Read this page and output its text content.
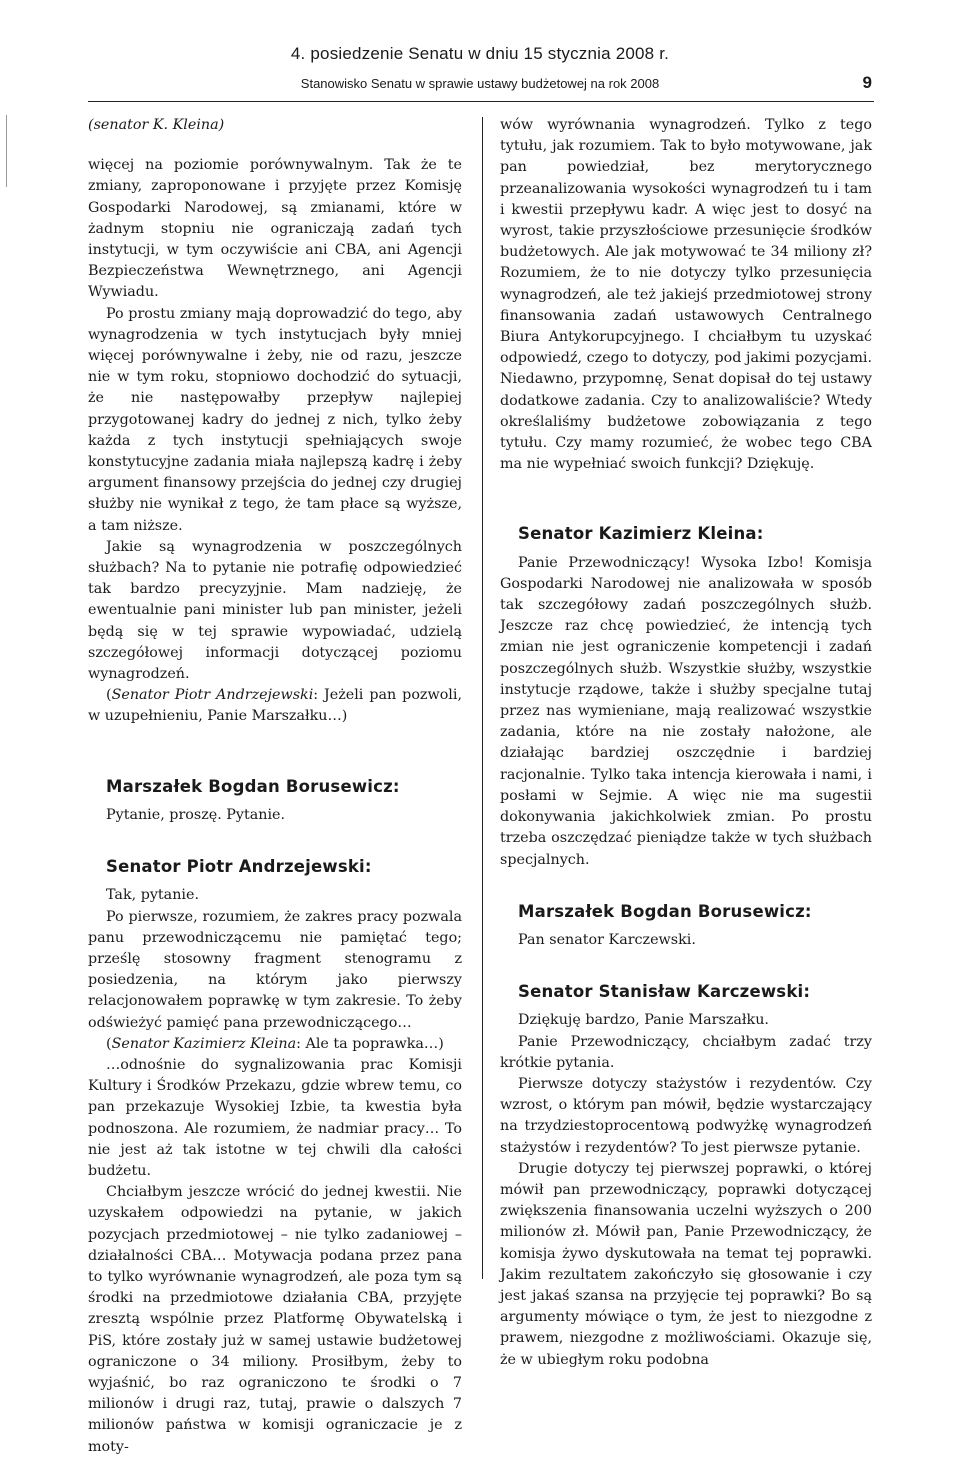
4. posiedzenie Senatu w dniu 15 stycznia 2008 r.
Stanowisko Senatu w sprawie ustawy budżetowej na rok 2008	9

(senator K. Kleina)

więcej na poziomie porównywalnym. Tak że te zmiany, zaproponowane i przyjęte przez Komisję Gospodarki Narodowej, są zmianami, które w żadnym stopniu nie ograniczają zadań tych instytucji, w tym oczywiście ani CBA, ani Agencji Bezpieczeństwa Wewnętrznego, ani Agencji Wywiadu.

Po prostu zmiany mają doprowadzić do tego, aby wynagrodzenia w tych instytucjach były mniej więcej porównywalne i żeby, nie od razu, jeszcze nie w tym roku, stopniowo dochodzić do sytuacji, że nie następowałby przepływ najlepiej przygotowanej kadry do jednej z nich, tylko żeby każda z tych instytucji spełniających swoje konstytucyjne zadania miała najlepszą kadrę i żeby argument finansowy przejścia do jednej czy drugiej służby nie wynikał z tego, że tam płace są wyższe, a tam niższe.

Jakie są wynagrodzenia w poszczególnych służbach? Na to pytanie nie potrafię odpowiedzieć tak bardzo precyzyjnie. Mam nadzieję, że ewentualnie pani minister lub pan minister, jeżeli będą się w tej sprawie wypowiadać, udzielą szczegółowej informacji dotyczącej poziomu wynagrodzeń.

(Senator Piotr Andrzejewski: Jeżeli pan pozwoli, w uzupełnieniu, Panie Marszałku…)

Marszałek Bogdan Borusewicz:

Pytanie, proszę. Pytanie.

Senator Piotr Andrzejewski:

Tak, pytanie.

Po pierwsze, rozumiem, że zakres pracy pozwala panu przewodniczącemu nie pamiętać tego; prześlę stosowny fragment stenogramu z posiedzenia, na którym jako pierwszy relacjonowałem poprawkę w tym zakresie. To żeby odświeżyć pamięć pana przewodniczącego…

(Senator Kazimierz Kleina: Ale ta poprawka…)

…odnośnie do sygnalizowania prac Komisji Kultury i Środków Przekazu, gdzie wbrew temu, co pan przekazuje Wysokiej Izbie, ta kwestia była podnoszona. Ale rozumiem, że nadmiar pracy… To nie jest aż tak istotne w tej chwili dla całości budżetu.

Chciałbym jeszcze wrócić do jednej kwestii. Nie uzyskałem odpowiedzi na pytanie, w jakich pozycjach przedmiotowej – nie tylko zadaniowej – działalności CBA… Motywacja podana przez pana to tylko wyrównanie wynagrodzeń, ale poza tym są środki na przedmiotowe działania CBA, przyjęte zresztą wspólnie przez Platformę Obywatelską i PiS, które zostały już w samej ustawie budżetowej ograniczone o 34 miliony. Prosiłbym, żeby to wyjaśnić, bo raz ograniczono te środki o 7 milionów i drugi raz, tutaj, prawie o dalszych 7 milionów państwa w komisji ograniczacie je z moty-

wów wyrównania wynagrodzeń. Tylko z tego tytułu, jak rozumiem. Tak to było motywowane, jak pan powiedział, bez merytorycznego przeanalizowania wysokości wynagrodzeń tu i tam i kwestii przepływu kadr. A więc jest to dosyć na wyrost, takie przyszłościowe przesunięcie środków budżetowych. Ale jak motywować te 34 miliony zł? Rozumiem, że to nie dotyczy tylko przesunięcia wynagrodzeń, ale też jakiejś przedmiotowej strony finansowania zadań ustawowych Centralnego Biura Antykorupcyjnego. I chciałbym tu uzyskać odpowiedź, czego to dotyczy, pod jakimi pozycjami. Niedawno, przypomnę, Senat dopisał do tej ustawy dodatkowe zadania. Czy to analizowaliście? Wtedy określaliśmy budżetowe zobowiązania z tego tytułu. Czy mamy rozumieć, że wobec tego CBA ma nie wypełniać swoich funkcji? Dziękuję.

Senator Kazimierz Kleina:

Panie Przewodniczący! Wysoka Izbo! Komisja Gospodarki Narodowej nie analizowała w sposób tak szczegółowy zadań poszczególnych służb. Jeszcze raz chcę powiedzieć, że intencją tych zmian nie jest ograniczenie kompetencji i zadań poszczególnych służb. Wszystkie służby, wszystkie instytucje rządowe, także i służby specjalne tutaj przez nas wymieniane, mają realizować wszystkie zadania, które na nie zostały nałożone, ale działając bardziej oszczędnie i bardziej racjonalnie. Tylko taka intencja kierowała i nami, i posłami w Sejmie. A więc nie ma sugestii dokonywania jakichkolwiek zmian. Po prostu trzeba oszczędzać pieniądze także w tych służbach specjalnych.

Marszałek Bogdan Borusewicz:

Pan senator Karczewski.

Senator Stanisław Karczewski:

Dziękuję bardzo, Panie Marszałku.

Panie Przewodniczący, chciałbym zadać trzy krótkie pytania.

Pierwsze dotyczy stażystów i rezydentów. Czy wzrost, o którym pan mówił, będzie wystarczający na trzydziestoprocentową podwyżkę wynagrodzeń stażystów i rezydentów? To jest pierwsze pytanie.

Drugie dotyczy tej pierwszej poprawki, o której mówił pan przewodniczący, poprawki dotyczącej zwiększenia finansowania uczelni wyższych o 200 milionów zł. Mówił pan, Panie Przewodniczący, że komisja żywo dyskutowała na temat tej poprawki. Jakim rezultatem zakończyło się głosowanie i czy jest jakaś szansa na przyjęcie tej poprawki? Bo są argumenty mówiące o tym, że jest to niezgodne z prawem, niezgodne z możliwościami. Okazuje się, że w ubiegłym roku podobna
